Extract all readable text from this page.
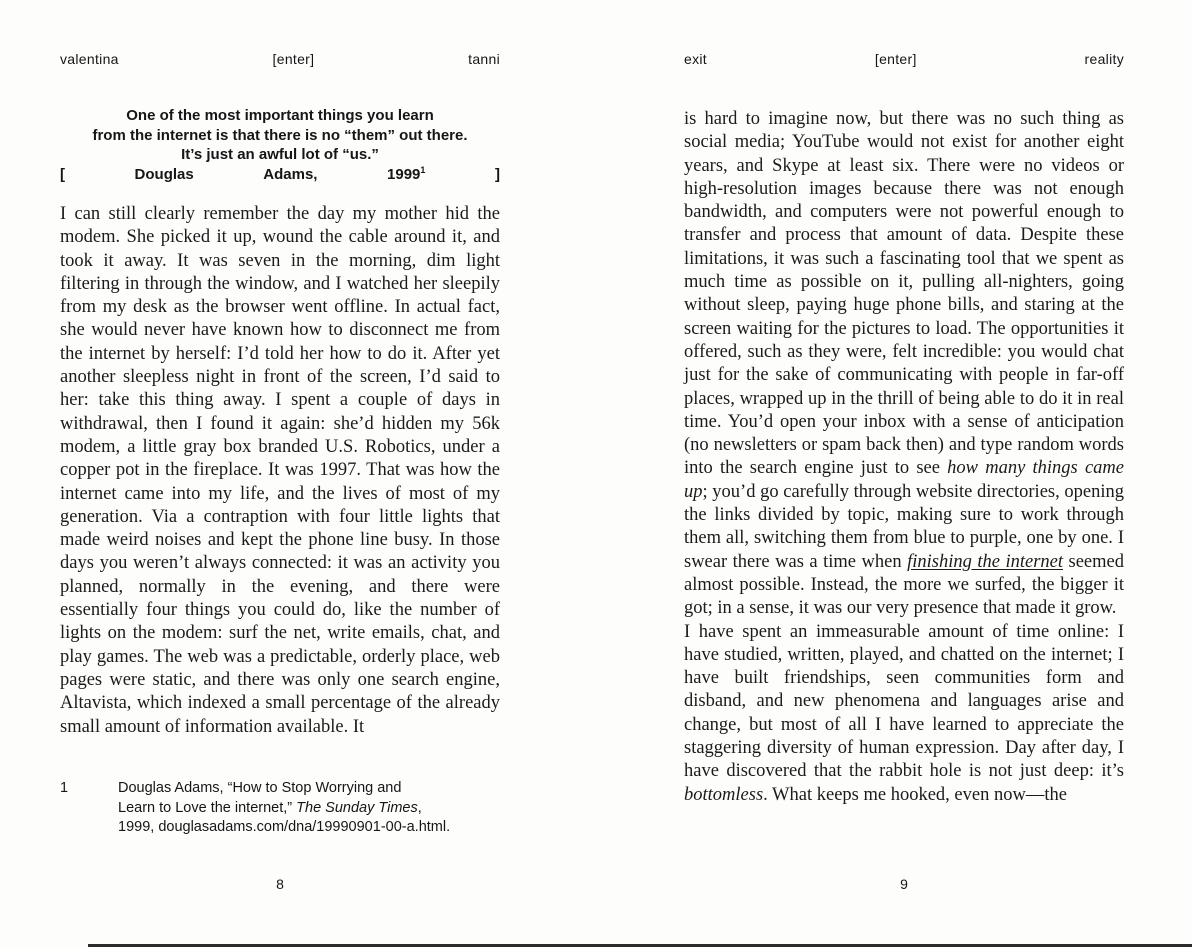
valentina	[enter]	tanni
One of the most important things you learn
from the internet is that there is no “them” out there.
It’s just an awful lot of “us.”
[	Douglas	Adams,	1999$^1$	]

I can still clearly remember the day my mother hid the modem. She picked it up, wound the cable around it, and took it away. It was seven in the morning, dim light filtering in through the window, and I watched her sleepily from my desk as the browser went offline. In actual fact, she would never have known how to disconnect me from the internet by herself: I’d told her how to do it. After yet another sleepless night in front of the screen, I’d said to her: take this thing away. I spent a couple of days in withdrawal, then I found it again: she’d hidden my 56k modem, a little gray box branded U.S. Robotics, under a copper pot in the fireplace. It was 1997. That was how the internet came into my life, and the lives of most of my generation. Via a contraption with four little lights that made weird noises and kept the phone line busy. In those days you weren’t always connected: it was an activity you planned, normally in the evening, and there were essentially four things you could do, like the number of lights on the modem: surf the net, write emails, chat, and play games. The web was a predictable, orderly place, web pages were static, and there was only one search engine, Altavista, which indexed a small percentage of the already small amount of information available. It

1	Douglas Adams, “How to Stop Worrying and
Learn to Love the internet,” The Sunday Times,
1999, douglasadams.com/dna/19990901-00-a.html.
8
exit	[enter]	reality

is hard to imagine now, but there was no such thing as social media; YouTube would not exist for another eight years, and Skype at least six. There were no videos or high-resolution images because there was not enough bandwidth, and computers were not powerful enough to transfer and process that amount of data. Despite these limitations, it was such a fascinating tool that we spent as much time as possible on it, pulling all-nighters, going without sleep, paying huge phone bills, and staring at the screen waiting for the pictures to load. The opportunities it offered, such as they were, felt incredible: you would chat just for the sake of communicating with people in far-off places, wrapped up in the thrill of being able to do it in real time. You’d open your inbox with a sense of anticipation (no newsletters or spam back then) and type random words into the search engine just to see how many things came up; you’d go carefully through website directories, opening the links divided by topic, making sure to work through them all, switching them from blue to purple, one by one. I swear there was a time when finishing the internet seemed almost possible. Instead, the more we surfed, the bigger it got; in a sense, it was our very presence that made it grow.

I have spent an immeasurable amount of time online: I have studied, written, played, and chatted on the internet; I have built friendships, seen communities form and disband, and new phenomena and languages arise and change, but most of all I have learned to appreciate the staggering diversity of human expression. Day after day, I have discovered that the rabbit hole is not just deep: it’s bottomless. What keeps me hooked, even now—the

9
